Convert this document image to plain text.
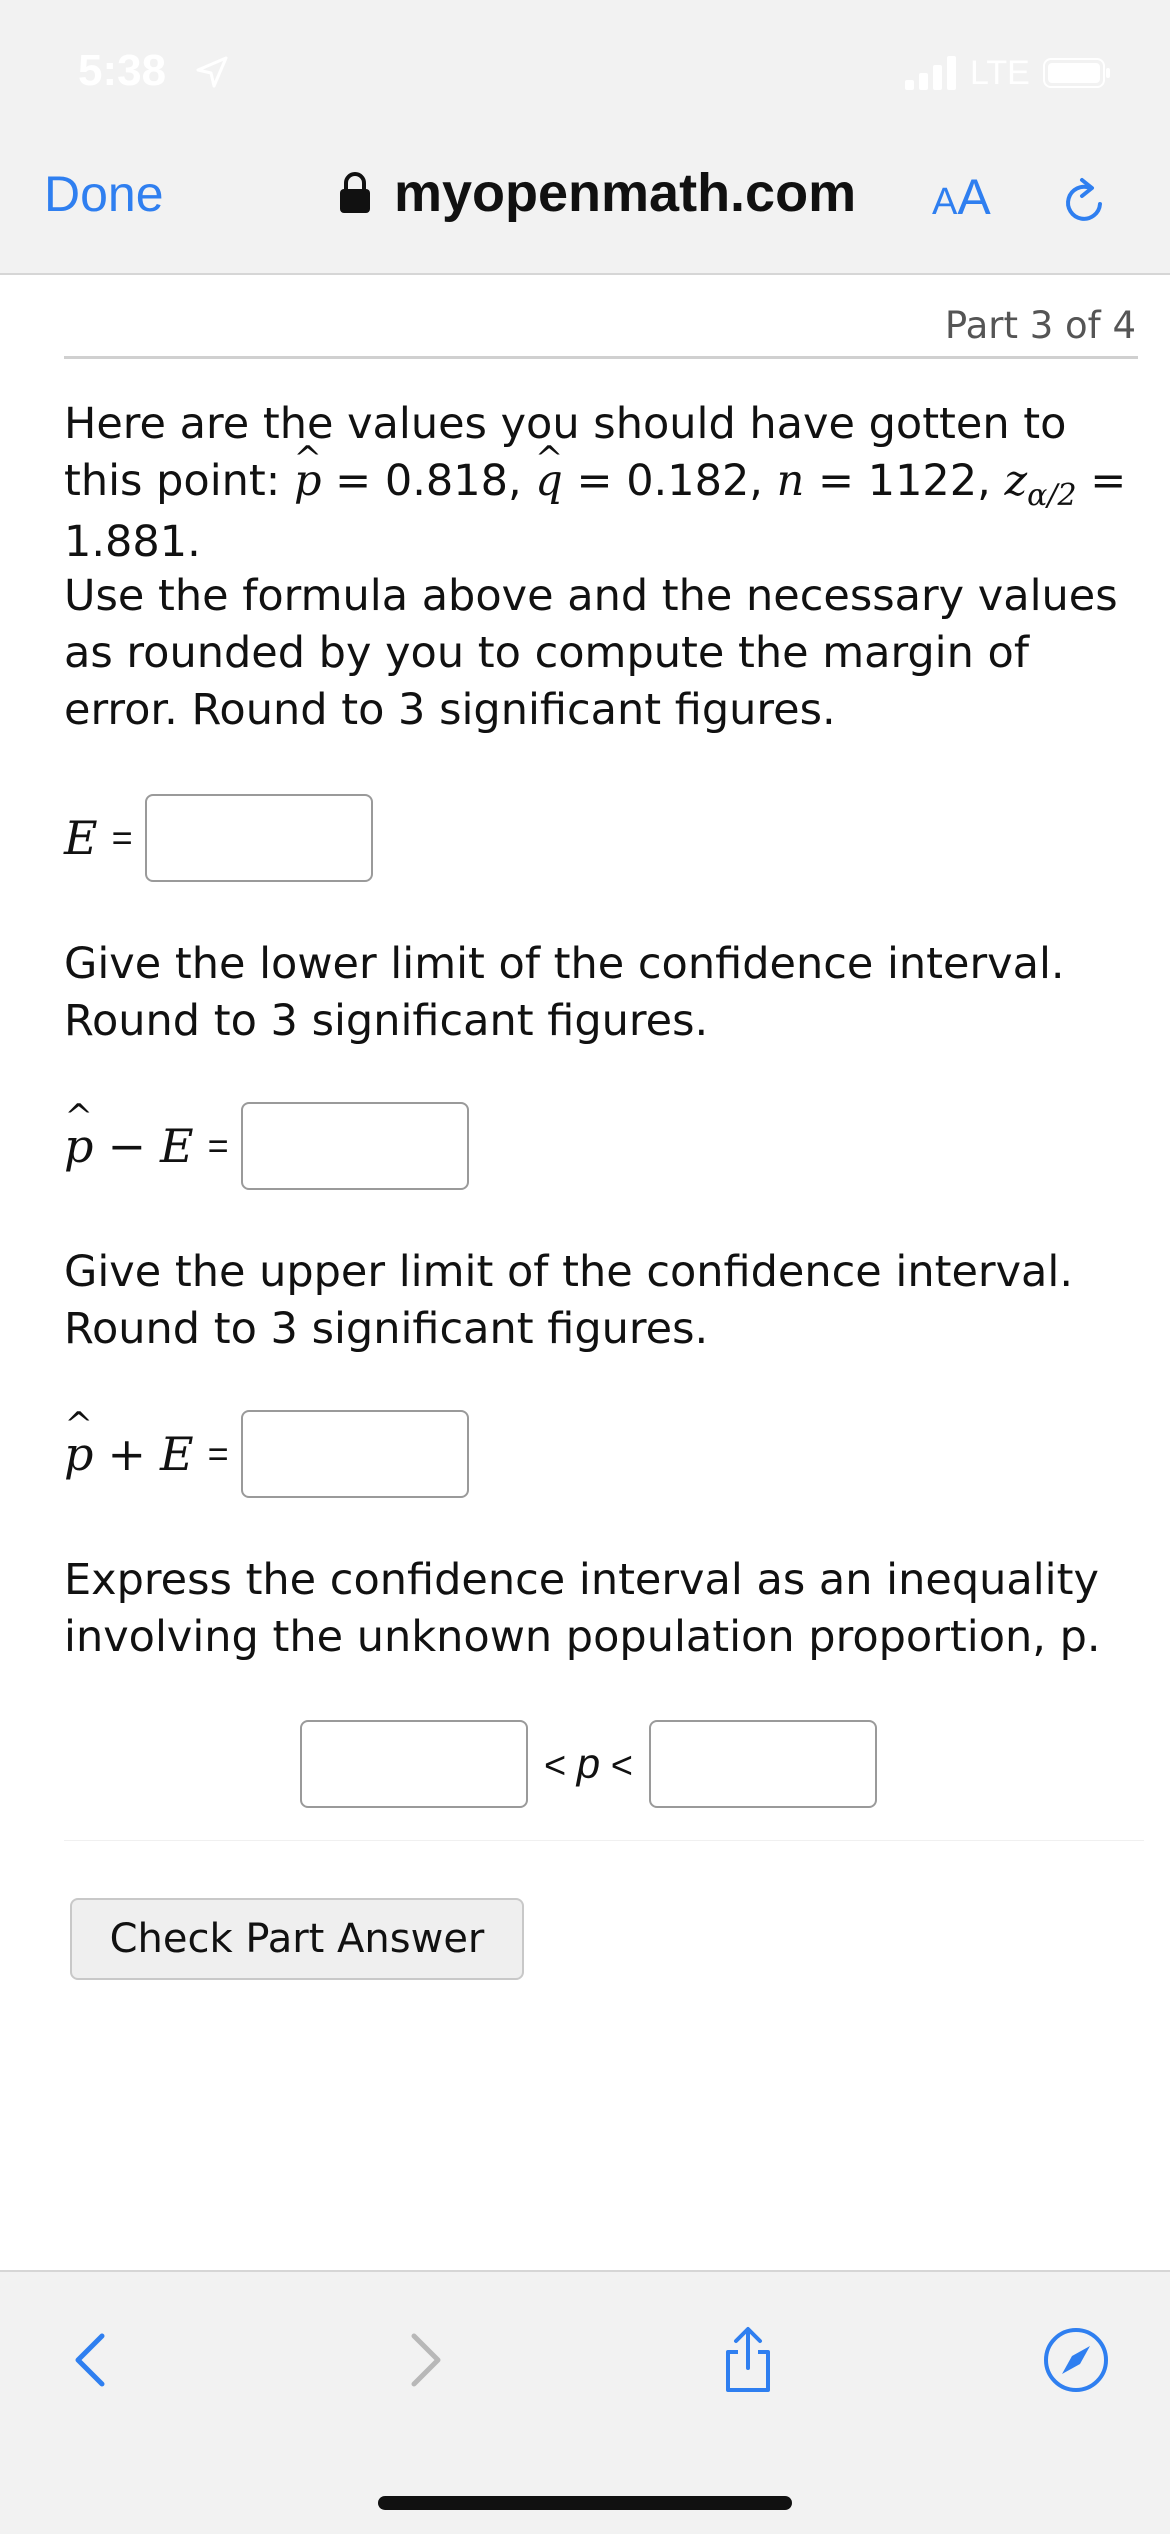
5:38	LTE
Done	myopenmath.com AA
Part 3 of 4
Here are the values you should have gotten to this point: ^ p = 0.818, ^ q = 0.182, n = 1122, $z_{\alpha/2} = 1.881$.
Use the formula above and the necessary values as rounded by you to compute the margin of error. Round to 3 significant figures.
E =
Give the lower limit of the confidence interval. Round to 3 significant figures.
^ p − E =
Give the upper limit of the confidence interval. Round to 3 significant figures.
^ p + E =
Express the confidence interval as an inequality involving the unknown population proportion, p.
< p <
Check Part Answer
